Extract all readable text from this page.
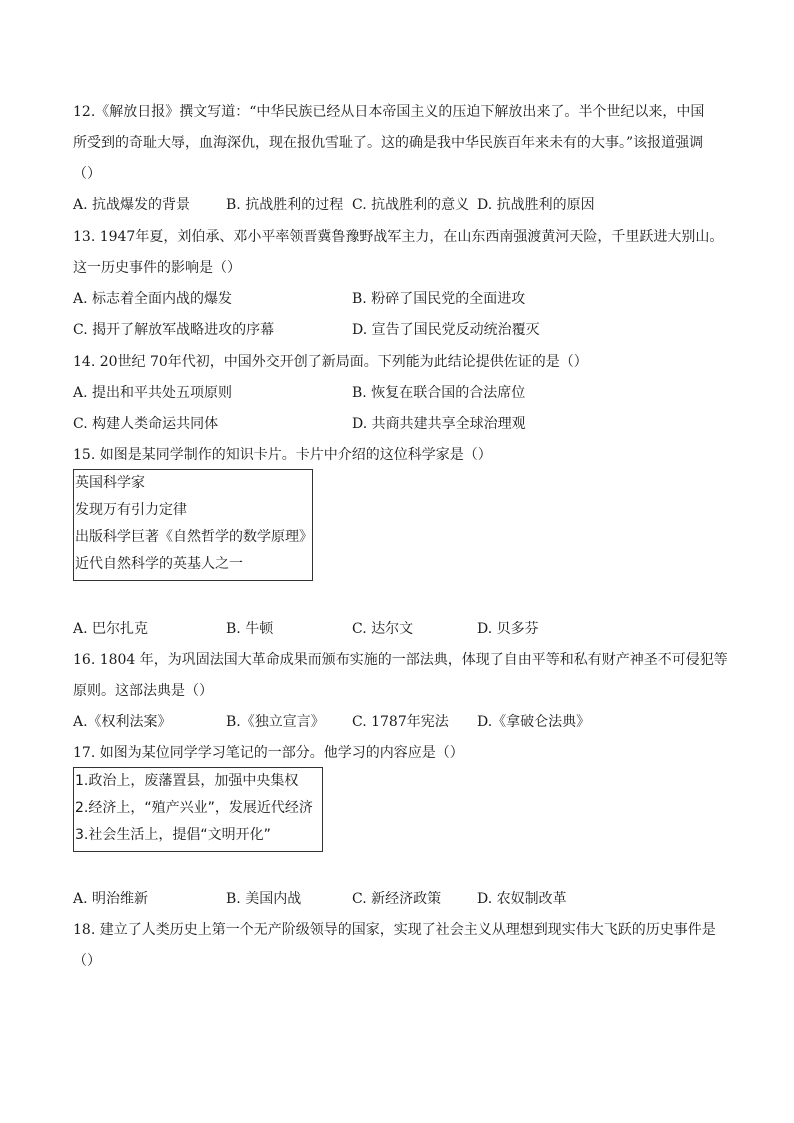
12.《解放日报》撰文写道：“中华民族已经从日本帝国主义的压迫下解放出来了。半个世纪以来，中国
所受到的奇耻大辱，血海深仇，现在报仇雪耻了。这的确是我中华民族百年来未有的大事。”该报道强调
（）
A. 抗战爆发的背景	B. 抗战胜利的过程 C. 抗战胜利的意义 D. 抗战胜利的原因
13. 1947年夏，刘伯承、邓小平率领晋冀鲁豫野战军主力，在山东西南强渡黄河天险，千里跃进大别山。
这一历史事件的影响是（）
A. 标志着全面内战的爆发	B. 粉碎了国民党的全面进攻
C. 揭开了解放军战略进攻的序幕	D. 宣告了国民党反动统治覆灭
14. 20世纪 70年代初，中国外交开创了新局面。下列能为此结论提供佐证的是（）
A. 提出和平共处五项原则	B. 恢复在联合国的合法席位
C. 构建人类命运共同体	D. 共商共建共享全球治理观
15. 如图是某同学制作的知识卡片。卡片中介绍的这位科学家是（）
英国科学家
发现万有引力定律
出版科学巨著《自然哲学的数学原理》
近代自然科学的英基人之一
A. 巴尔扎克	B. 牛顿	C. 达尔文	D. 贝多芬
16. 1804 年，为巩固法国大革命成果而颁布实施的一部法典，体现了自由平等和私有财产神圣不可侵犯等
原则。这部法典是（）
A.《权利法案》	B.《独立宣言》 C. 1787年宪法 D.《拿破仑法典》
17. 如图为某位同学学习笔记的一部分。他学习的内容应是（）
1.政治上，废藩置县，加强中央集权
2.经济上，“殖产兴业”，发展近代经济
3.社会生活上，提倡“文明开化”
A. 明治维新	B. 美国内战	C. 新经济政策	D. 农奴制改革
18. 建立了人类历史上第一个无产阶级领导的国家，实现了社会主义从理想到现实伟大飞跃的历史事件是
（）
